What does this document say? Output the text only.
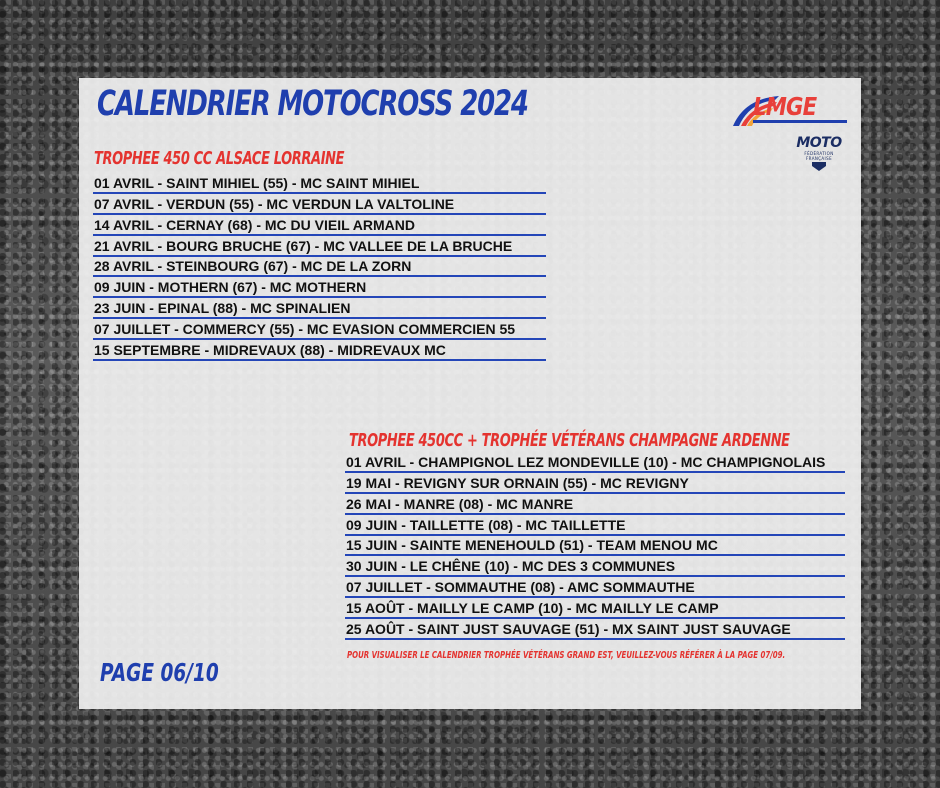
CALENDRIER MOTOCROSS 2024	LMGE
MOTO
FÉDÉRATION FRANÇAISE
TROPHEE 450 CC ALSACE LORRAINE
01 AVRIL - SAINT MIHIEL (55) - MC SAINT MIHIEL
07 AVRIL - VERDUN (55) - MC VERDUN LA VALTOLINE
14 AVRIL - CERNAY (68) - MC DU VIEIL ARMAND
21 AVRIL - BOURG BRUCHE (67) - MC VALLEE DE LA BRUCHE
28 AVRIL - STEINBOURG (67) - MC DE LA ZORN
09 JUIN - MOTHERN (67) - MC MOTHERN
23 JUIN - EPINAL (88) - MC SPINALIEN
07 JUILLET - COMMERCY (55) - MC EVASION COMMERCIEN 55
15 SEPTEMBRE - MIDREVAUX (88) - MIDREVAUX MC
TROPHEE 450CC + TROPHÉE VÉTÉRANS CHAMPAGNE ARDENNE
01 AVRIL - CHAMPIGNOL LEZ MONDEVILLE (10) - MC CHAMPIGNOLAIS
19 MAI - REVIGNY SUR ORNAIN (55) - MC REVIGNY
26 MAI - MANRE (08) - MC MANRE
09 JUIN - TAILLETTE (08) - MC TAILLETTE
15 JUIN - SAINTE MENEHOULD (51) - TEAM MENOU MC
30 JUIN - LE CHÊNE (10) - MC DES 3 COMMUNES
07 JUILLET - SOMMAUTHE (08) - AMC SOMMAUTHE
15 AOÛT - MAILLY LE CAMP (10) - MC MAILLY LE CAMP
25 AOÛT - SAINT JUST SAUVAGE (51) - MX SAINT JUST SAUVAGE

POUR VISUALISER LE CALENDRIER TROPHÉE VÉTÉRANS GRAND EST, VEUILLEZ-VOUS RÉFÉRER À LA PAGE 07/09.

PAGE 06/10
